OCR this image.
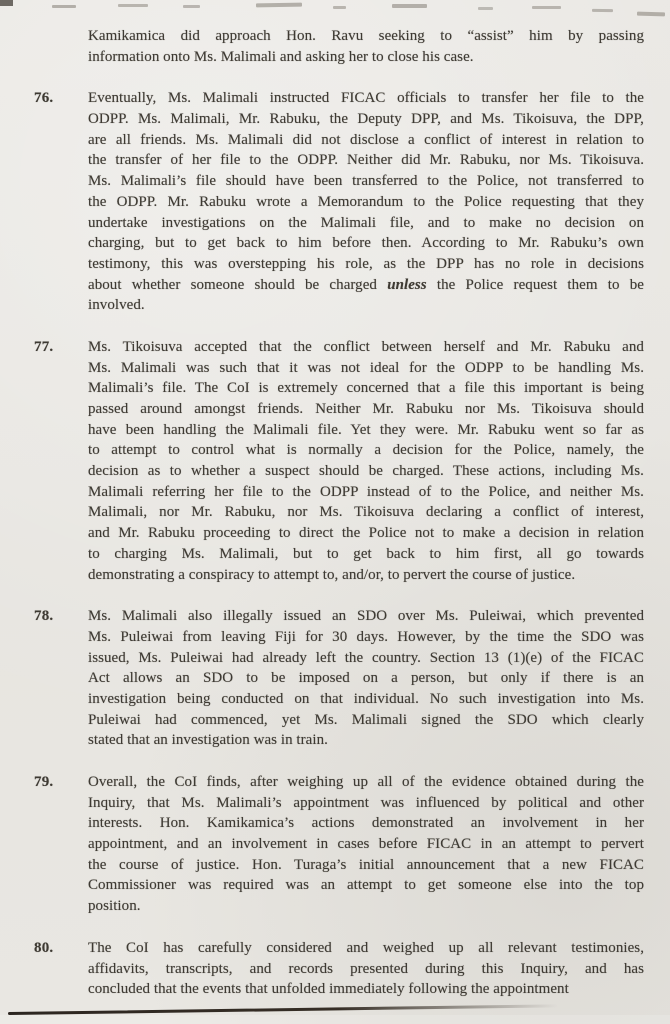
Kamikamica did approach Hon. Ravu seeking to “assist” him by passing
information onto Ms. Malimali and asking her to close his case.
76.	Eventually, Ms. Malimali instructed FICAC officials to transfer her file to the
ODPP. Ms. Malimali, Mr. Rabuku, the Deputy DPP, and Ms. Tikoisuva, the DPP,
are all friends. Ms. Malimali did not disclose a conflict of interest in relation to
the transfer of her file to the ODPP. Neither did Mr. Rabuku, nor Ms. Tikoisuva.
Ms. Malimali’s file should have been transferred to the Police, not transferred to
the ODPP. Mr. Rabuku wrote a Memorandum to the Police requesting that they
undertake investigations on the Malimali file, and to make no decision on
charging, but to get back to him before then. According to Mr. Rabuku’s own
testimony, this was overstepping his role, as the DPP has no role in decisions
about whether someone should be charged unless the Police request them to be
involved.
77.	Ms. Tikoisuva accepted that the conflict between herself and Mr. Rabuku and
Ms. Malimali was such that it was not ideal for the ODPP to be handling Ms.
Malimali’s file. The CoI is extremely concerned that a file this important is being
passed around amongst friends. Neither Mr. Rabuku nor Ms. Tikoisuva should
have been handling the Malimali file. Yet they were. Mr. Rabuku went so far as
to attempt to control what is normally a decision for the Police, namely, the
decision as to whether a suspect should be charged. These actions, including Ms.
Malimali referring her file to the ODPP instead of to the Police, and neither Ms.
Malimali, nor Mr. Rabuku, nor Ms. Tikoisuva declaring a conflict of interest,
and Mr. Rabuku proceeding to direct the Police not to make a decision in relation
to charging Ms. Malimali, but to get back to him first, all go towards
demonstrating a conspiracy to attempt to, and/or, to pervert the course of justice.
78.	Ms. Malimali also illegally issued an SDO over Ms. Puleiwai, which prevented
Ms. Puleiwai from leaving Fiji for 30 days. However, by the time the SDO was
issued, Ms. Puleiwai had already left the country. Section 13 (1)(e) of the FICAC
Act allows an SDO to be imposed on a person, but only if there is an
investigation being conducted on that individual. No such investigation into Ms.
Puleiwai had commenced, yet Ms. Malimali signed the SDO which clearly
stated that an investigation was in train.
79.	Overall, the CoI finds, after weighing up all of the evidence obtained during the
Inquiry, that Ms. Malimali’s appointment was influenced by political and other
interests. Hon. Kamikamica’s actions demonstrated an involvement in her
appointment, and an involvement in cases before FICAC in an attempt to pervert
the course of justice. Hon. Turaga’s initial announcement that a new FICAC
Commissioner was required was an attempt to get someone else into the top
position.
80.	The CoI has carefully considered and weighed up all relevant testimonies,
affidavits, transcripts, and records presented during this Inquiry, and has
concluded that the events that unfolded immediately following the appointment
